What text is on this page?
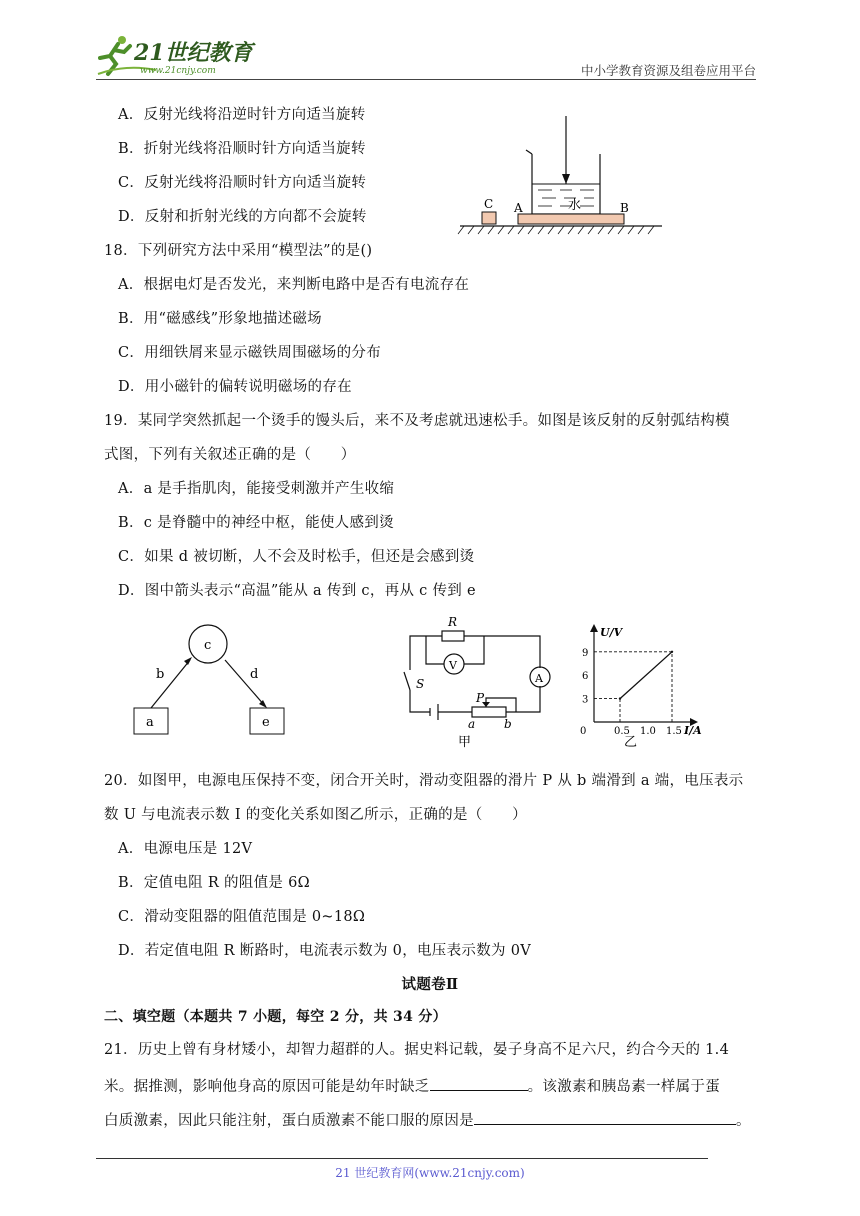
21世纪教育
www.21cnjy.com	中小学教育资源及组卷应用平台
A．反射光线将沿逆时针方向适当旋转
B．折射光线将沿顺时针方向适当旋转
C．反射光线将沿顺时针方向适当旋转
D．反射和折射光线的方向都不会旋转
水
C A	B
18．下列研究方法中采用“模型法”的是()
A．根据电灯是否发光，来判断电路中是否有电流存在
B．用“磁感线”形象地描述磁场
C．用细铁屑来显示磁铁周围磁场的分布
D．用小磁针的偏转说明磁场的存在
19．某同学突然抓起一个烫手的馒头后，来不及考虑就迅速松手。如图是该反射的反射弧结构模
式图，下列有关叙述正确的是（　　）
A．a 是手指肌肉，能接受刺激并产生收缩
B．c 是脊髓中的神经中枢，能使人感到烫
C．如果 d 被切断，人不会及时松手，但还是会感到烫
D．图中箭头表示“高温”能从 a 传到 c，再从 c 传到 e
c
a	e
b	d
R
V
A
S
P
a b
甲
U/V
I/A
乙
0	0.5 1.0 1.5
3
6
9
20．如图甲，电源电压保持不变，闭合开关时，滑动变阻器的滑片 P 从 b 端滑到 a 端，电压表示
数 U 与电流表示数 I 的变化关系如图乙所示，正确的是（　　）
A．电源电压是 12V
B．定值电阻 R 的阻值是 6Ω
C．滑动变阻器的阻值范围是 0~18Ω
D．若定值电阻 R 断路时，电流表示数为 0，电压表示数为 0V
试题卷Ⅱ
二、填空题（本题共 7 小题，每空 2 分，共 34 分）
21．历史上曾有身材矮小，却智力超群的人。据史料记载，晏子身高不足六尺，约合今天的 1.4
米。据推测，影响他身高的原因可能是幼年时缺乏	。该激素和胰岛素一样属于蛋
白质激素，因此只能注射，蛋白质激素不能口服的原因是	。
21 世纪教育网(www.21cnjy.com)
